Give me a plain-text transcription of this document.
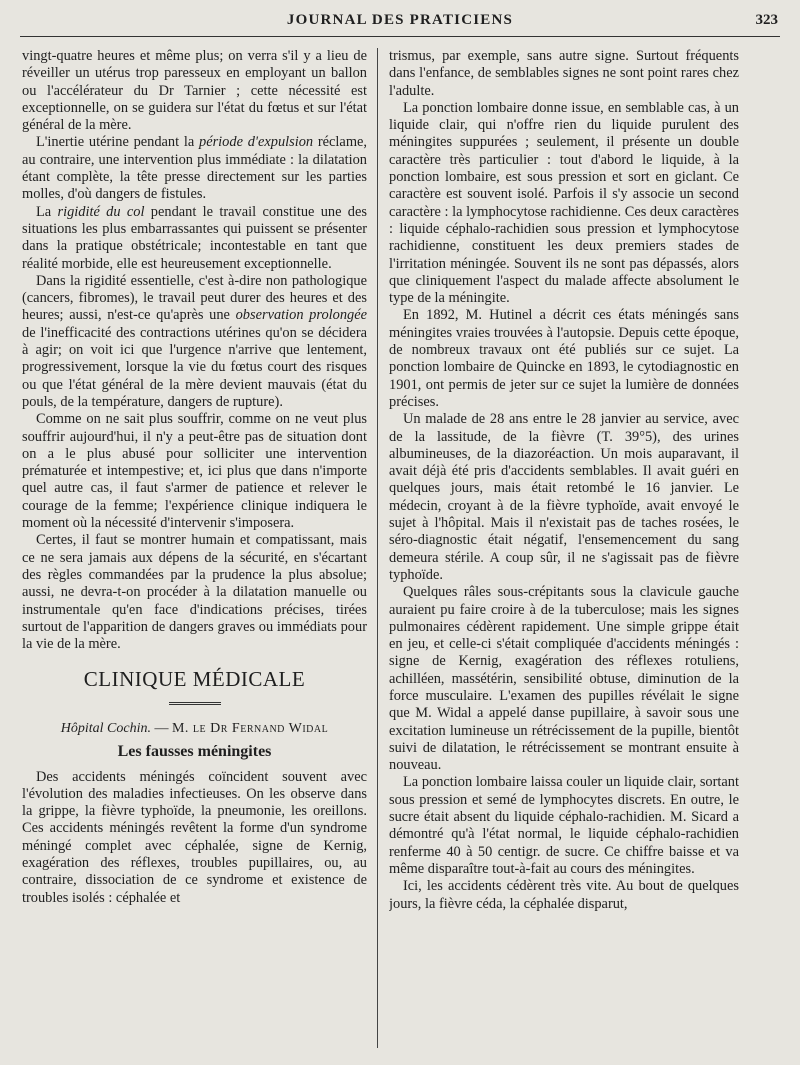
JOURNAL DES PRATICIENS	323

vingt-quatre heures et même plus; on verra s'il y a lieu de réveiller un utérus trop paresseux en employant un ballon ou l'accélérateur du Dr Tarnier ; cette nécessité est exceptionnelle, on se guidera sur l'état du fœtus et sur l'état général de la mère.

L'inertie utérine pendant la période d'expulsion réclame, au contraire, une intervention plus immédiate : la dilatation étant complète, la tête presse directement sur les parties molles, d'où dangers de fistules.

La rigidité du col pendant le travail constitue une des situations les plus embarrassantes qui puissent se présenter dans la pratique obstétricale; incontestable en tant que réalité morbide, elle est heureusement exceptionnelle.

Dans la rigidité essentielle, c'est à-dire non pathologique (cancers, fibromes), le travail peut durer des heures et des heures; aussi, n'est-ce qu'après une observation prolongée de l'inefficacité des contractions utérines qu'on se décidera à agir; on voit ici que l'urgence n'arrive que lentement, progressivement, lorsque la vie du fœtus court des risques ou que l'état général de la mère devient mauvais (état du pouls, de la température, dangers de rupture).

Comme on ne sait plus souffrir, comme on ne veut plus souffrir aujourd'hui, il n'y a peut-être pas de situation dont on a le plus abusé pour solliciter une intervention prématurée et intempestive; et, ici plus que dans n'importe quel autre cas, il faut s'armer de patience et relever le courage de la femme; l'expérience clinique indiquera le moment où la nécessité d'intervenir s'imposera.

Certes, il faut se montrer humain et compatissant, mais ce ne sera jamais aux dépens de la sécurité, en s'écartant des règles commandées par la prudence la plus absolue; aussi, ne devra-t-on procéder à la dilatation manuelle ou instrumentale qu'en face d'indications précises, tirées surtout de l'apparition de dangers graves ou immédiats pour la vie de la mère.

CLINIQUE MÉDICALE
Hôpital Cochin. — M. le Dr Fernand Widal
Les fausses méningites

Des accidents méningés coïncident souvent avec l'évolution des maladies infectieuses. On les observe dans la grippe, la fièvre typhoïde, la pneumonie, les oreillons. Ces accidents méningés revêtent la forme d'un syndrome méningé complet avec céphalée, signe de Kernig, exagération des réflexes, troubles pupillaires, ou, au contraire, dissociation de ce syndrome et existence de troubles isolés : céphalée et

trismus, par exemple, sans autre signe. Surtout fréquents dans l'enfance, de semblables signes ne sont point rares chez l'adulte.

La ponction lombaire donne issue, en semblable cas, à un liquide clair, qui n'offre rien du liquide purulent des méningites suppurées ; seulement, il présente un double caractère très particulier : tout d'abord le liquide, à la ponction lombaire, est sous pression et sort en giclant. Ce caractère est souvent isolé. Parfois il s'y associe un second caractère : la lymphocytose rachidienne. Ces deux caractères : liquide céphalo-rachidien sous pression et lymphocytose rachidienne, constituent les deux premiers stades de l'irritation méningée. Souvent ils ne sont pas dépassés, alors que cliniquement l'aspect du malade affecte absolument le type de la méningite.

En 1892, M. Hutinel a décrit ces états méningés sans méningites vraies trouvées à l'autopsie. Depuis cette époque, de nombreux travaux ont été publiés sur ce sujet. La ponction lombaire de Quincke en 1893, le cytodiagnostic en 1901, ont permis de jeter sur ce sujet la lumière de données précises.

Un malade de 28 ans entre le 28 janvier au service, avec de la lassitude, de la fièvre (T. 39°5), des urines albumineuses, de la diazoréaction. Un mois auparavant, il avait déjà été pris d'accidents semblables. Il avait guéri en quelques jours, mais était retombé le 16 janvier. Le médecin, croyant à de la fièvre typhoïde, avait envoyé le sujet à l'hôpital. Mais il n'existait pas de taches rosées, le séro-diagnostic était négatif, l'ensemencement du sang demeura stérile. A coup sûr, il ne s'agissait pas de fièvre typhoïde.

Quelques râles sous-crépitants sous la clavicule gauche auraient pu faire croire à de la tuberculose; mais les signes pulmonaires cédèrent rapidement. Une simple grippe était en jeu, et celle-ci s'était compliquée d'accidents méningés : signe de Kernig, exagération des réflexes rotuliens, achilléen, massétérin, sensibilité obtuse, diminution de la force musculaire. L'examen des pupilles révélait le signe que M. Widal a appelé danse pupillaire, à savoir sous une excitation lumineuse un rétrécissement de la pupille, bientôt suivi de dilatation, le rétrécissement se montrant ensuite à nouveau.

La ponction lombaire laissa couler un liquide clair, sortant sous pression et semé de lymphocytes discrets. En outre, le sucre était absent du liquide céphalo-rachidien. M. Sicard a démontré qu'à l'état normal, le liquide céphalo-rachidien renferme 40 à 50 centigr. de sucre. Ce chiffre baisse et va même disparaître tout-à-fait au cours des méningites.

Ici, les accidents cédèrent très vite. Au bout de quelques jours, la fièvre céda, la céphalée disparut,
